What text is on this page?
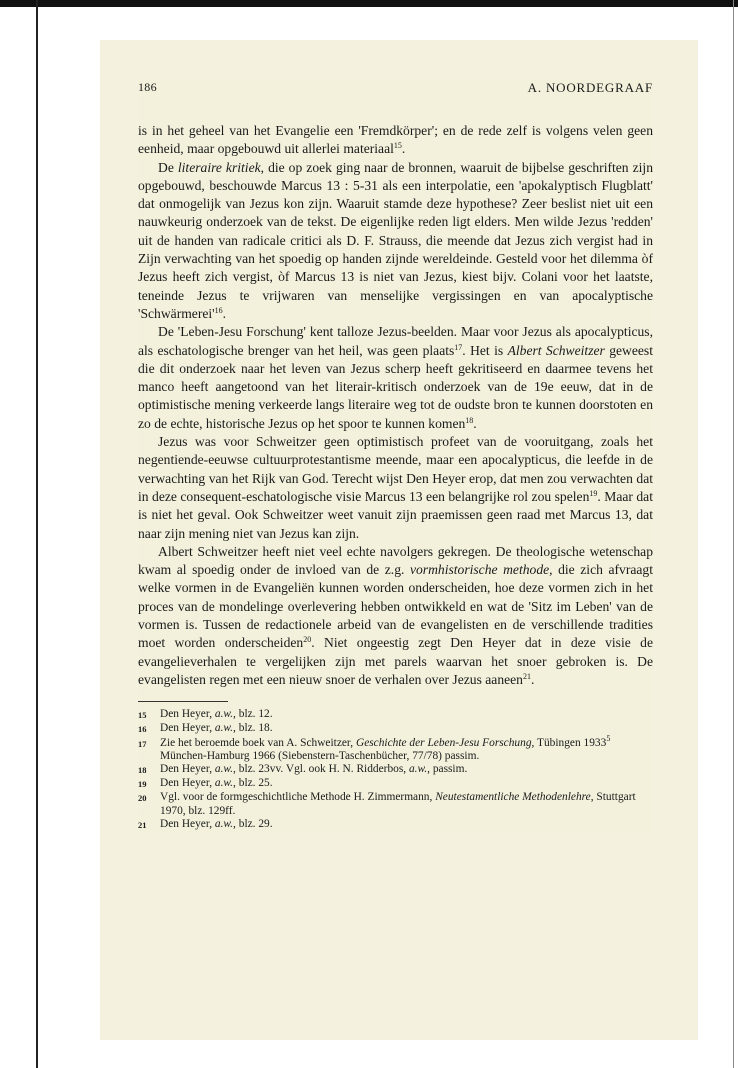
186	A. NOORDEGRAAF

is in het geheel van het Evangelie een 'Fremdkörper'; en de rede zelf is volgens velen geen eenheid, maar opgebouwd uit allerlei materiaal$^{15}$.

De literaire kritiek, die op zoek ging naar de bronnen, waaruit de bijbelse geschriften zijn opgebouwd, beschouwde Marcus 13 : 5-31 als een interpolatie, een 'apokalyptisch Flugblatt' dat onmogelijk van Jezus kon zijn. Waaruit stamde deze hypothese? Zeer beslist niet uit een nauwkeurig onderzoek van de tekst. De eigenlijke reden ligt elders. Men wilde Jezus 'redden' uit de handen van radicale critici als D. F. Strauss, die meende dat Jezus zich vergist had in Zijn verwachting van het spoedig op handen zijnde wereldeinde. Gesteld voor het dilemma òf Jezus heeft zich vergist, òf Marcus 13 is niet van Jezus, kiest bijv. Colani voor het laatste, teneinde Jezus te vrijwaren van menselijke vergissingen en van apocalyptische '$Schwärmerei'^{16}$.

De 'Leben-Jesu Forschung' kent talloze Jezus-beelden. Maar voor Jezus als apocalypticus, als eschatologische brenger van het heil, was geen plaats$^{17}$. Het is Albert Schweitzer geweest die dit onderzoek naar het leven van Jezus scherp heeft gekritiseerd en daarmee tevens het manco heeft aangetoond van het literair-kritisch onderzoek van de 19e eeuw, dat in de optimistische mening verkeerde langs literaire weg tot de oudste bron te kunnen doorstoten en zo de echte, historische Jezus op het spoor te kunnen komen$^{18}$.

Jezus was voor Schweitzer geen optimistisch profeet van de vooruitgang, zoals het negentiende-eeuwse cultuurprotestantisme meende, maar een apocalypticus, die leefde in de verwachting van het Rijk van God. Terecht wijst Den Heyer erop, dat men zou verwachten dat in deze consequent-eschatologische visie Marcus 13 een belangrijke rol zou spelen$^{19}$. Maar dat is niet het geval. Ook Schweitzer weet vanuit zijn praemissen geen raad met Marcus 13, dat naar zijn mening niet van Jezus kan zijn.

Albert Schweitzer heeft niet veel echte navolgers gekregen. De theologische wetenschap kwam al spoedig onder de invloed van de z.g. vormhistorische methode, die zich afvraagt welke vormen in de Evangeliën kunnen worden onderscheiden, hoe deze vormen zich in het proces van de mondelinge overlevering hebben ontwikkeld en wat de 'Sitz im Leben' van de vormen is. Tussen de redactionele arbeid van de evangelisten en de verschillende tradities moet worden onderscheiden$^{20}$. Niet ongeestig zegt Den Heyer dat in deze visie de evangelieverhalen te vergelijken zijn met parels waarvan het snoer gebroken is. De evangelisten regen met een nieuw snoer de verhalen over Jezus aaneen$^{21}$.

15	Den Heyer, a.w., blz. 12.
16	Den Heyer, a.w., blz. 18.
17	Zie het beroemde boek van A. Schweitzer, Geschichte der Leben-Jesu Forschung, Tübingen 1933$^5$ München-Hamburg 1966 (Siebenstern-Taschenbücher, 77/78) passim.
18	Den Heyer, a.w., blz. 23vv. Vgl. ook H. N. Ridderbos, a.w., passim.
19	Den Heyer, a.w., blz. 25.
20	Vgl. voor de formgeschichtliche Methode H. Zimmermann, Neutestamentliche Methodenlehre, Stuttgart 1970, blz. 129ff.
21	Den Heyer, a.w., blz. 29.
